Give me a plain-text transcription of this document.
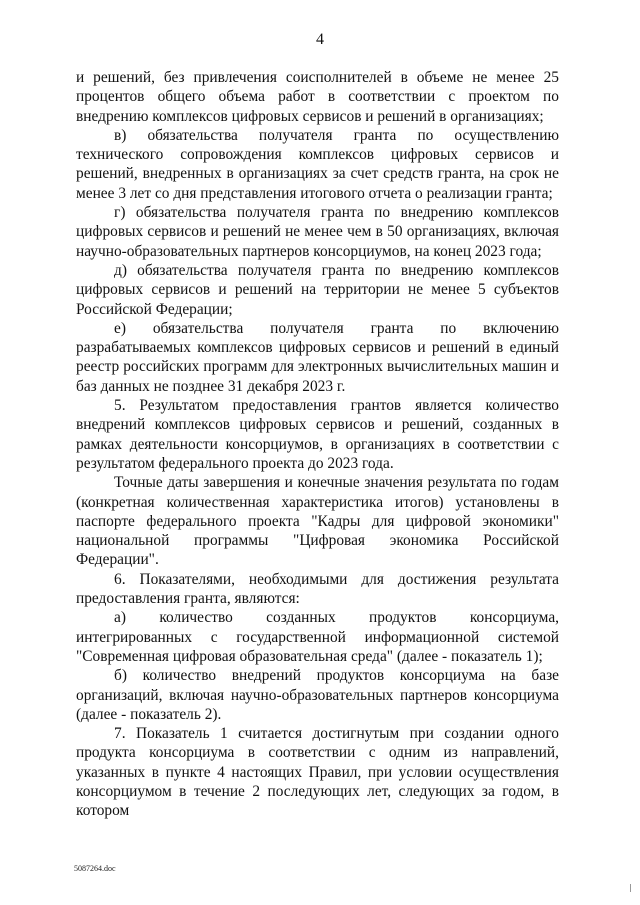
4

и решений, без привлечения соисполнителей в объеме не менее 25 процентов общего объема работ в соответствии с проектом по внедрению комплексов цифровых сервисов и решений в организациях;

в) обязательства получателя гранта по осуществлению технического сопровождения комплексов цифровых сервисов и решений, внедренных в организациях за счет средств гранта, на срок не менее 3 лет со дня представления итогового отчета о реализации гранта;

г) обязательства получателя гранта по внедрению комплексов цифровых сервисов и решений не менее чем в 50 организациях, включая научно-образовательных партнеров консорциумов, на конец 2023 года;

д) обязательства получателя гранта по внедрению комплексов цифровых сервисов и решений на территории не менее 5 субъектов Российской Федерации;

е) обязательства получателя гранта по включению разрабатываемых комплексов цифровых сервисов и решений в единый реестр российских программ для электронных вычислительных машин и баз данных не позднее 31 декабря 2023 г.

5. Результатом предоставления грантов является количество внедрений комплексов цифровых сервисов и решений, созданных в рамках деятельности консорциумов, в организациях в соответствии с результатом федерального проекта до 2023 года.

Точные даты завершения и конечные значения результата по годам (конкретная количественная характеристика итогов) установлены в паспорте федерального проекта "Кадры для цифровой экономики" национальной программы "Цифровая экономика Российской Федерации".

6. Показателями, необходимыми для достижения результата предоставления гранта, являются:

а) количество созданных продуктов консорциума, интегрированных с государственной информационной системой "Современная цифровая образовательная среда" (далее - показатель 1);

б) количество внедрений продуктов консорциума на базе организаций, включая научно-образовательных партнеров консорциума (далее - показатель 2).

7. Показатель 1 считается достигнутым при создании одного продукта консорциума в соответствии с одним из направлений, указанных в пункте 4 настоящих Правил, при условии осуществления консорциумом в течение 2 последующих лет, следующих за годом, в котором

5087264.doc
